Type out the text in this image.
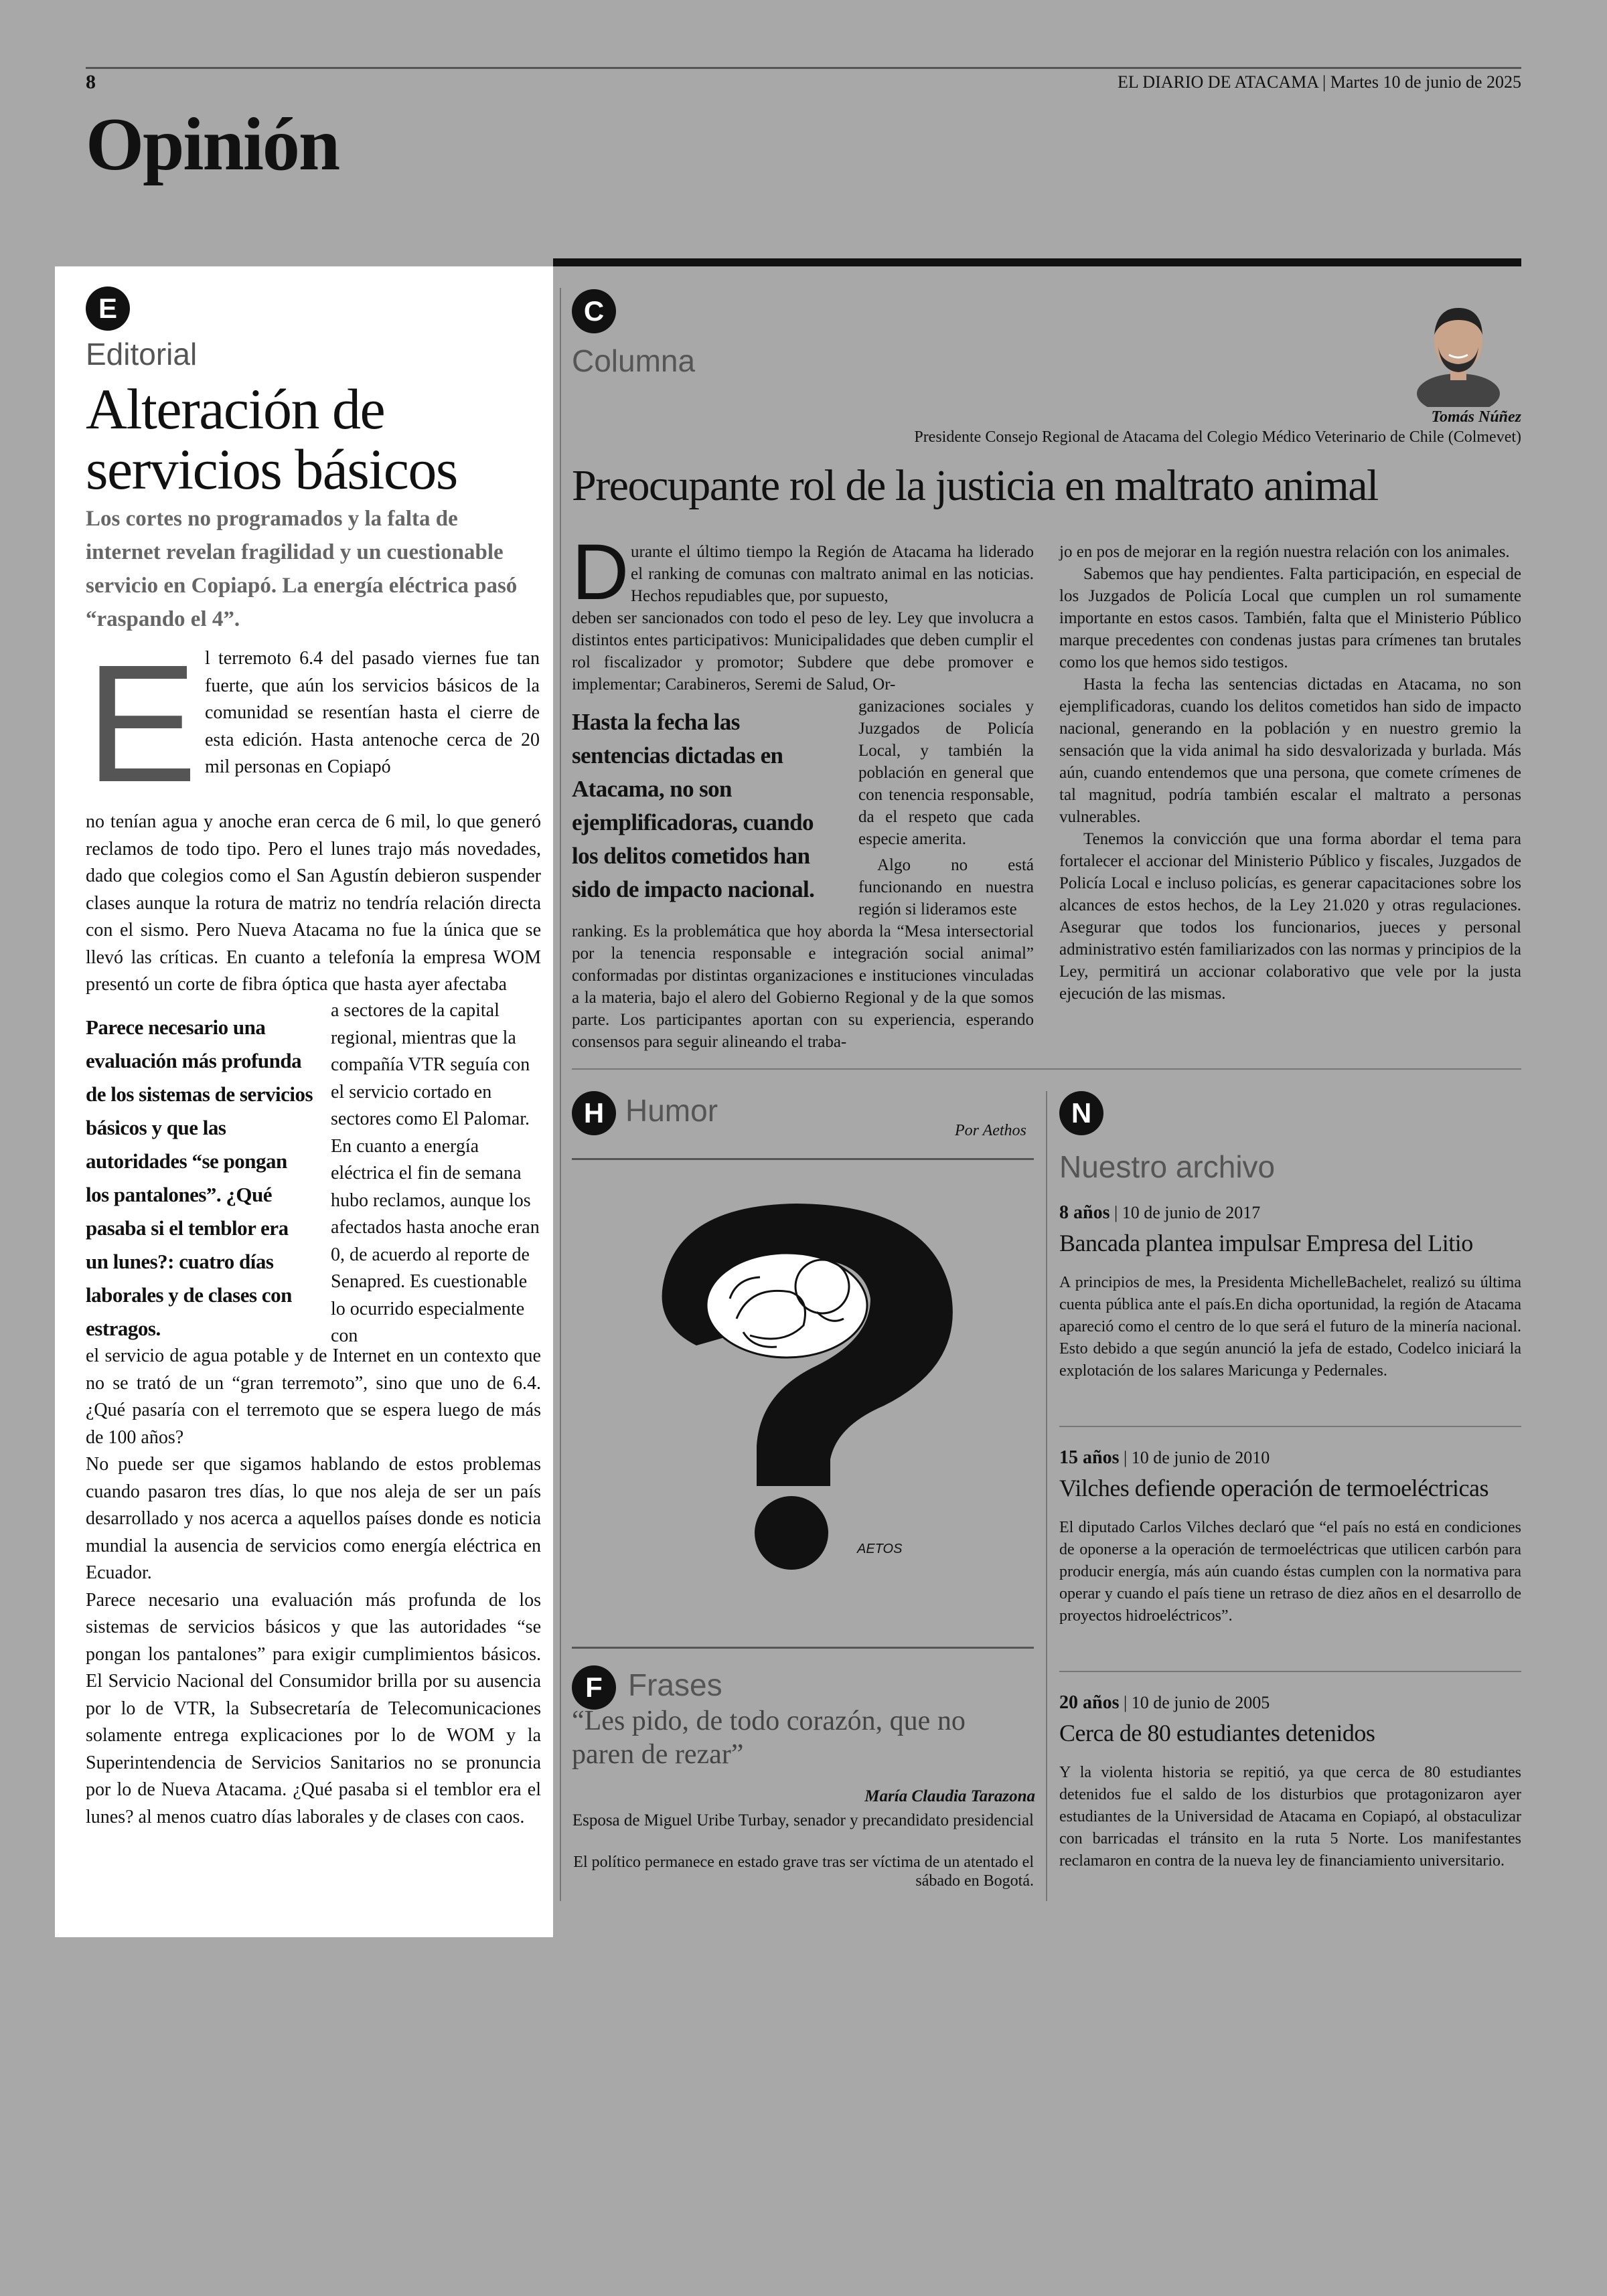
8	EL DIARIO DE ATACAMA | Martes 10 de junio de 2025
Opinión
E
Editorial
Alteración de servicios básicos
Los cortes no programados y la falta de internet revelan fragilidad y un cuestionable servicio en Copiapó. La energía eléctrica pasó “raspando el 4”.
E l terremoto 6.4 del pasado viernes fue tan fuerte, que aún los servicios básicos de la comunidad se resentían hasta el cierre de esta edición. Hasta antenoche cerca de 20 mil personas en Copiapó
no tenían agua y anoche eran cerca de 6 mil, lo que generó reclamos de todo tipo. Pero el lunes trajo más novedades, dado que colegios como el San Agustín debieron suspender clases aunque la rotura de matriz no tendría relación directa con el sismo. Pero Nueva Atacama no fue la única que se llevó las críticas. En cuanto a telefonía la empresa WOM presentó un corte de fibra óptica que hasta ayer afectaba
Parece necesario una evaluación más profunda de los sistemas de servicios básicos y que las autoridades “se pongan los pantalones”. ¿Qué pasaba si el temblor era un lunes?: cuatro días laborales y de clases con estragos.
a sectores de la capital regional, mientras que la compañía VTR seguía con el servicio cortado en sectores como El Palomar. En cuanto a energía eléctrica el fin de semana hubo reclamos, aunque los afectados hasta anoche eran 0, de acuerdo al reporte de Senapred. Es cuestionable lo ocurrido especialmente con
el servicio de agua potable y de Internet en un contexto que no se trató de un “gran terremoto”, sino que uno de 6.4. ¿Qué pasaría con el terremoto que se espera luego de más de 100 años?
No puede ser que sigamos hablando de estos problemas cuando pasaron tres días, lo que nos aleja de ser un país desarrollado y nos acerca a aquellos países donde es noticia mundial la ausencia de servicios como energía eléctrica en Ecuador.
Parece necesario una evaluación más profunda de los sistemas de servicios básicos y que las autoridades “se pongan los pantalones” para exigir cumplimientos básicos. El Servicio Nacional del Consumidor brilla por su ausencia por lo de VTR, la Subsecretaría de Telecomunicaciones solamente entrega explicaciones por lo de WOM y la Superintendencia de Servicios Sanitarios no se pronuncia por lo de Nueva Atacama. ¿Qué pasaba si el temblor era el lunes? al menos cuatro días laborales y de clases con caos.
C
Columna
Tomás Núñez
Presidente Consejo Regional de Atacama del Colegio Médico Veterinario de Chile (Colmevet)
Preocupante rol de la justicia en maltrato animal
D urante el último tiempo la Región de Atacama ha liderado el ranking de comunas con maltrato animal en las noticias. Hechos repudiables que, por supuesto,
deben ser sancionados con todo el peso de ley. Ley que involucra a distintos entes participativos: Municipalidades que deben cumplir el rol fiscalizador y promotor; Subdere que debe promover e implementar; Carabineros, Seremi de Salud, Or-
Hasta la fecha las sentencias dictadas en Atacama, no son ejemplificadoras, cuando los delitos cometidos han sido de impacto nacional.
ganizaciones sociales y Juzgados de Policía Local, y también la población en general que con tenencia responsable, da el respeto que cada especie amerita.
Algo no está funcionando en nuestra región si lideramos este
ranking. Es la problemática que hoy aborda la “Mesa intersectorial por la tenencia responsable e integración social animal” conformadas por distintas organizaciones e instituciones vinculadas a la materia, bajo el alero del Gobierno Regional y de la que somos parte. Los participantes aportan con su experiencia, esperando consensos para seguir alineando el traba-
jo en pos de mejorar en la región nuestra relación con los animales.
Sabemos que hay pendientes. Falta participación, en especial de los Juzgados de Policía Local que cumplen un rol sumamente importante en estos casos. También, falta que el Ministerio Público marque precedentes con condenas justas para crímenes tan brutales como los que hemos sido testigos.
Hasta la fecha las sentencias dictadas en Atacama, no son ejemplificadoras, cuando los delitos cometidos han sido de impacto nacional, generando en la población y en nuestro gremio la sensación que la vida animal ha sido desvalorizada y burlada. Más aún, cuando entendemos que una persona, que comete crímenes de tal magnitud, podría también escalar el maltrato a personas vulnerables.
Tenemos la convicción que una forma abordar el tema para fortalecer el accionar del Ministerio Público y fiscales, Juzgados de Policía Local e incluso policías, es generar capacitaciones sobre los alcances de estos hechos, de la Ley 21.020 y otras regulaciones. Asegurar que todos los funcionarios, jueces y personal administrativo estén familiarizados con las normas y principios de la Ley, permitirá un accionar colaborativo que vele por la justa ejecución de las mismas.
H Humor
Por Aethos
AETOS
F Frases
“Les pido, de todo corazón, que no paren de rezar”
María Claudia Tarazona
Esposa de Miguel Uribe Turbay, senador y precandidato presidencial
El político permanece en estado grave tras ser víctima de un atentado el sábado en Bogotá.
N
Nuestro archivo
8 años | 10 de junio de 2017
Bancada plantea impulsar Empresa del Litio
A principios de mes, la Presidenta MichelleBachelet, realizó su última cuenta pública ante el país.En dicha oportunidad, la región de Atacama apareció como el centro de lo que será el futuro de la minería nacional. Esto debido a que según anunció la jefa de estado, Codelco iniciará la explotación de los salares Maricunga y Pedernales.
15 años | 10 de junio de 2010
Vilches defiende operación de termoeléctricas
El diputado Carlos Vilches declaró que “el país no está en condiciones de oponerse a la operación de termoeléctricas que utilicen carbón para producir energía, más aún cuando éstas cumplen con la normativa para operar y cuando el país tiene un retraso de diez años en el desarrollo de proyectos hidroeléctricos”.
20 años | 10 de junio de 2005
Cerca de 80 estudiantes detenidos
Y la violenta historia se repitió, ya que cerca de 80 estudiantes detenidos fue el saldo de los disturbios que protagonizaron ayer estudiantes de la Universidad de Atacama en Copiapó, al obstaculizar con barricadas el tránsito en la ruta 5 Norte. Los manifestantes reclamaron en contra de la nueva ley de financiamiento universitario.
